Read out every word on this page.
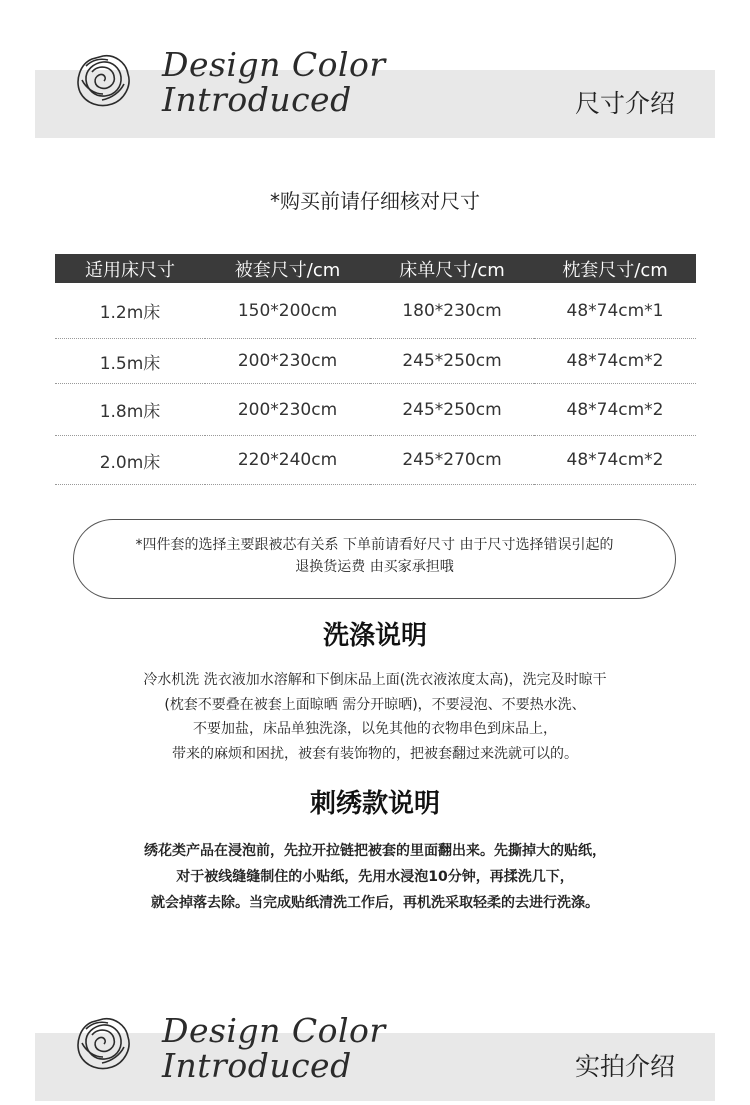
Design Color
Introduced	尺寸介绍
*购买前请仔细核对尺寸
适用床尺寸	被套尺寸/cm	床单尺寸/cm	枕套尺寸/cm
1.2m床	150*200cm	180*230cm	48*74cm*1
1.5m床	200*230cm	245*250cm	48*74cm*2
1.8m床	200*230cm	245*250cm	48*74cm*2
2.0m床	220*240cm	245*270cm	48*74cm*2
*四件套的选择主要跟被芯有关系 下单前请看好尺寸 由于尺寸选择错误引起的
退换货运费 由买家承担哦
洗涤说明
冷水机洗 洗衣液加水溶解和下倒床品上面(洗衣液浓度太高)，洗完及时晾干
(枕套不要叠在被套上面晾晒 需分开晾晒)，不要浸泡、不要热水洗、
不要加盐，床品单独洗涤，以免其他的衣物串色到床品上，
带来的麻烦和困扰，被套有装饰物的，把被套翻过来洗就可以的。
刺绣款说明
绣花类产品在浸泡前，先拉开拉链把被套的里面翻出来。先撕掉大的贴纸，
对于被线缝缝制住的小贴纸，先用水浸泡10分钟，再揉洗几下，
就会掉落去除。当完成贴纸清洗工作后，再机洗采取轻柔的去进行洗涤。
Design Color
Introduced	实拍介绍
